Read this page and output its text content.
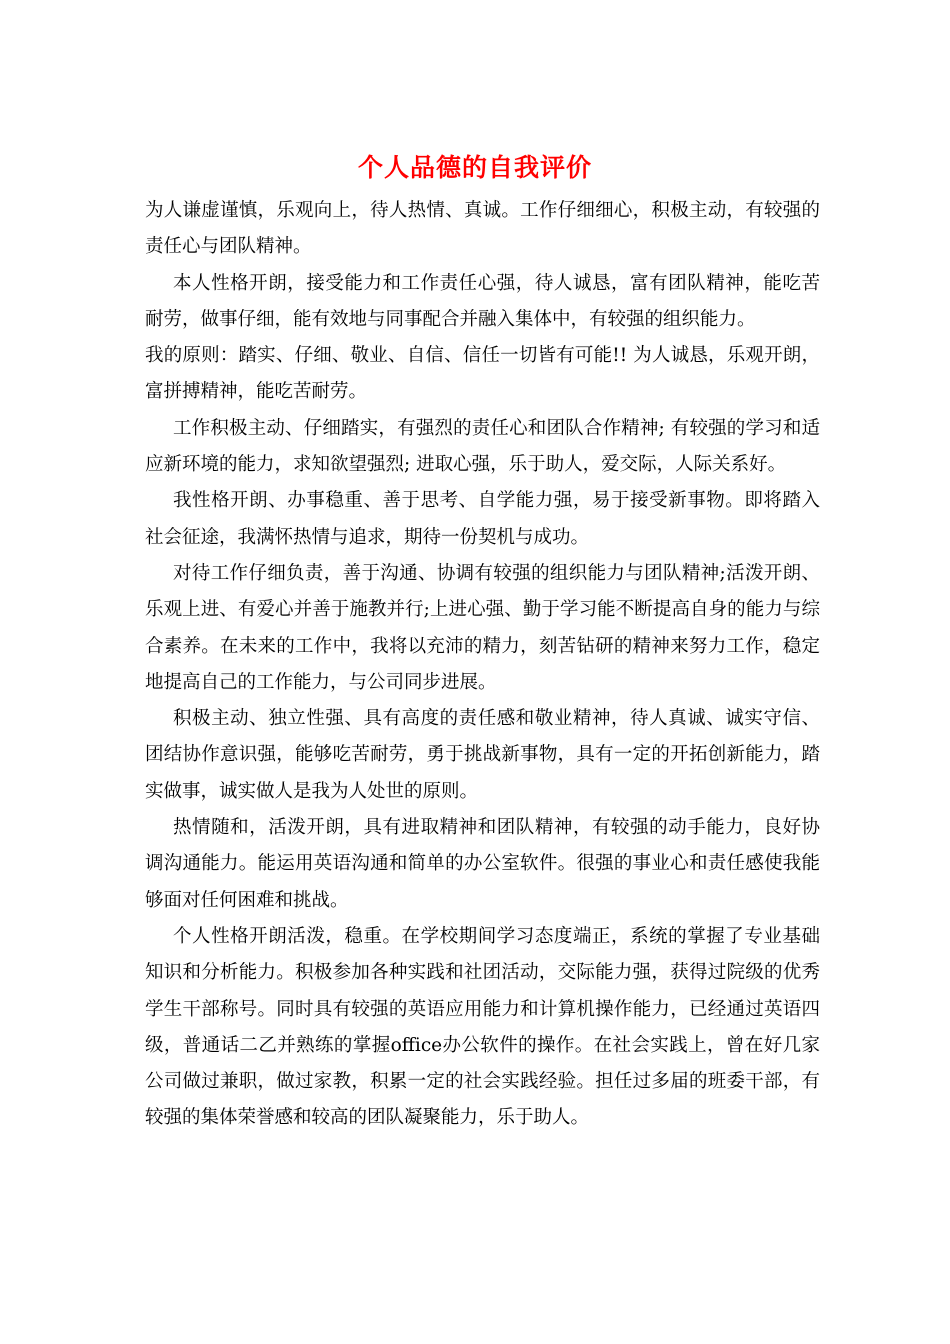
个人品德的自我评价

为人谦虚谨慎，乐观向上，待人热情、真诚。工作仔细细心，积极主动，有较强的责任心与团队精神。

本人性格开朗，接受能力和工作责任心强，待人诚恳，富有团队精神，能吃苦耐劳，做事仔细，能有效地与同事配合并融入集体中，有较强的组织能力。

我的原则：踏实、仔细、敬业、自信、信任一切皆有可能!! 为人诚恳，乐观开朗，富拼搏精神，能吃苦耐劳。

工作积极主动、仔细踏实，有强烈的责任心和团队合作精神; 有较强的学习和适应新环境的能力，求知欲望强烈; 进取心强，乐于助人，爱交际，人际关系好。

我性格开朗、办事稳重、善于思考、自学能力强，易于接受新事物。即将踏入社会征途，我满怀热情与追求，期待一份契机与成功。

对待工作仔细负责，善于沟通、协调有较强的组织能力与团队精神;活泼开朗、乐观上进、有爱心并善于施教并行;上进心强、勤于学习能不断提高自身的能力与综合素养。在未来的工作中，我将以充沛的精力，刻苦钻研的精神来努力工作，稳定地提高自己的工作能力，与公司同步进展。

积极主动、独立性强、具有高度的责任感和敬业精神，待人真诚、诚实守信、团结协作意识强，能够吃苦耐劳，勇于挑战新事物，具有一定的开拓创新能力，踏实做事，诚实做人是我为人处世的原则。

热情随和，活泼开朗，具有进取精神和团队精神，有较强的动手能力，良好协调沟通能力。能运用英语沟通和简单的办公室软件。很强的事业心和责任感使我能够面对任何困难和挑战。

个人性格开朗活泼，稳重。在学校期间学习态度端正，系统的掌握了专业基础知识和分析能力。积极参加各种实践和社团活动，交际能力强，获得过院级的优秀学生干部称号。同时具有较强的英语应用能力和计算机操作能力，已经通过英语四级，普通话二乙并熟练的掌握office办公软件的操作。在社会实践上，曾在好几家公司做过兼职，做过家教，积累一定的社会实践经验。担任过多届的班委干部，有较强的集体荣誉感和较高的团队凝聚能力，乐于助人。
